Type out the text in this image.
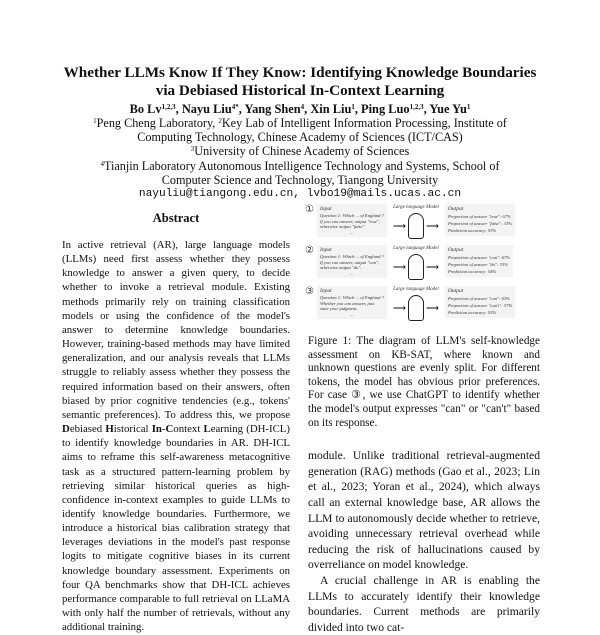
Whether LLMs Know If They Know: Identifying Knowledge Boundaries
via Debiased Historical In-Context Learning
Bo Lv$^{1,2,3}$, Nayu Liu$^{4*}$, Yang Shen$^4$, Xin Liu$^1$, Ping Luo$^{1,2,3}$, Yue Yu$^1$
$^1$Peng Cheng Laboratory, $^2$Key Lab of Intelligent Information Processing, Institute of
Computing Technology, Chinese Academy of Sciences (ICT/CAS)
$^3$University of Chinese Academy of Sciences
$^4$Tianjin Laboratory Autonomous Intelligence Technology and Systems, School of
Computer Science and Technology, Tiangong University
nayuliu@tiangong.edu.cn, lvbo19@mails.ucas.ac.cn
Abstract
In active retrieval (AR), large language models (LLMs) need first assess whether they possess knowledge to answer a given query, to decide whether to invoke a retrieval module. Existing methods primarily rely on training classification models or using the confidence of the model's answer to determine knowledge boundaries. However, training-based methods may have limited generalization, and our analysis reveals that LLMs struggle to reliably assess whether they possess the required information based on their answers, often biased by prior cognitive tendencies (e.g., tokens' semantic preferences). To address this, we propose Debiased Historical In-Context Learning (DH-ICL) to identify knowledge boundaries in AR. DH-ICL aims to reframe this self-awareness metacognitive task as a structured pattern-learning problem by retrieving similar historical queries as high-confidence in-context examples to guide LLMs to identify knowledge boundaries. Furthermore, we introduce a historical bias calibration strategy that leverages deviations in the model's past response logits to mitigate cognitive biases in its current knowledge boundary assessment. Experiments on four QA benchmarks show that DH-ICL achieves performance comparable to full retrieval on LLaMA with only half the number of retrievals, without any additional training.
①	Input
Question 1: Which ... of England ?
If you can answer, output "true",
otherwise output "false".
...
Large language Model
⟶ ⟶
Output
Proportion of answer "true": 67%
Proportion of answer "false": 33%
Prediction accuracy: 53%
②	Input
Question 1: Which ... of England ?
If you can answer, output "can",
otherwise output "do".
...
Large language Model
⟶ ⟶
Output
Proportion of answer "can": 67%
Proportion of answer "do": 33%
Prediction accuracy: 54%
③	Input
Question 1: Which ... of England ?
Whether you can answer, just
state your judgment.
...
Large language Model
⟶ ⟶
Output
Proportion of answer "can": 63%
Proportion of answer "can't": 37%
Prediction accuracy: 53%
Figure 1: The diagram of LLM's self-knowledge assessment on KB-SAT, where known and unknown questions are evenly split. For different tokens, the model has obvious prior preferences. For case ③, we use ChatGPT to identify whether the model's output expresses "can" or "can't" based on its response.

module. Unlike traditional retrieval-augmented generation (RAG) methods (Gao et al., 2023; Lin et al., 2023; Yoran et al., 2024), which always call an external knowledge base, AR allows the LLM to autonomously decide whether to retrieve, avoiding unnecessary retrieval overhead while reducing the risk of hallucinations caused by overreliance on model knowledge.

A crucial challenge in AR is enabling the LLMs to accurately identify their knowledge boundaries. Current methods are primarily divided into two cat-
